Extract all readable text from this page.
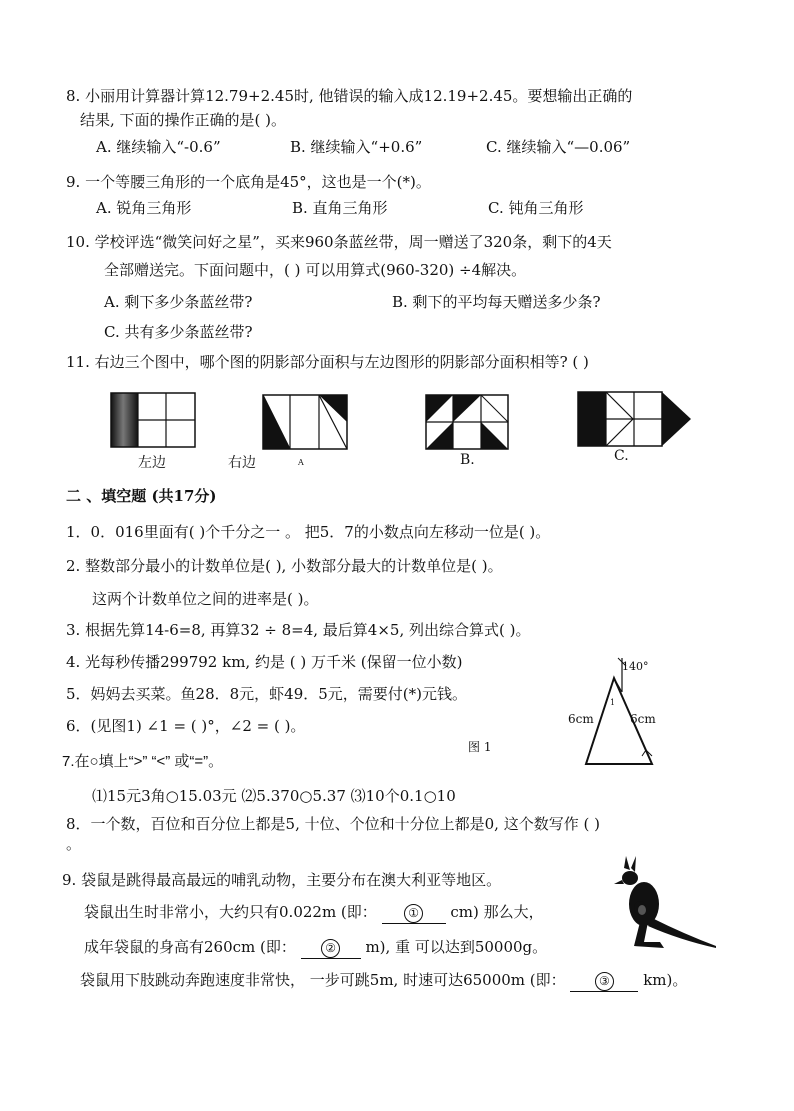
8. 小丽用计算器计算12.79+2.45时, 他错误的输入成12.19+2.45。要想输出正确的
结果, 下面的操作正确的是( )。
A. 继续输入“-0.6”	B. 继续输入“+0.6”	C. 继续输入“—0.06”
9. 一个等腰三角形的一个底角是45°，这也是一个(*)。
A. 锐角三角形	B. 直角三角形	C. 钝角三角形
10. 学校评选“微笑问好之星”，买来960条蓝丝带，周一赠送了320条，剩下的4天
全部赠送完。下面问题中，( ) 可以用算式(960-320) ÷4解决。
A. 剩下多少条蓝丝带?	B. 剩下的平均每天赠送多少条?
C. 共有多少条蓝丝带?
11. 右边三个图中，哪个图的阴影部分面积与左边图形的阴影部分面积相等? ( )
左边	右边	A	B.	C.
二 、填空题 (共17分)
1．0．016里面有( )个千分之一 。 把5．7的小数点向左移动一位是( )。
2. 整数部分最小的计数单位是( ), 小数部分最大的计数单位是( )。
这两个计数单位之间的进率是( )。
3. 根据先算14-6=8, 再算32 ÷ 8=4, 最后算4×5, 列出综合算式( )。
4. 光每秒传播299792 km, 约是 ( ) 万千米 (保留一位小数)
5．妈妈去买菜。鱼28．8元，虾49．5元，需要付(*)元钱。
6．(见图1) ∠1 = ( )°，∠2 = ( )。
140°
6cm	6cm
1
图 1
7.在○填上“>” “<” 或“=”。
⑴15元3角○15.03元 ⑵5.370○5.37 ⑶10个0.1○10
8．一个数，百位和百分位上都是5, 十位、个位和十分位上都是0, 这个数写作 ( )
。
9. 袋鼠是跳得最高最远的哺乳动物，主要分布在澳大利亚等地区。
袋鼠出生时非常小，大约只有0.022m (即：	① cm) 那么大，
成年袋鼠的身高有260cm (即： ② m), 重 可以达到50000g。
袋鼠用下肢跳动奔跑速度非常快， 一步可跳5m, 时速可达65000m (即：	③ km)。
